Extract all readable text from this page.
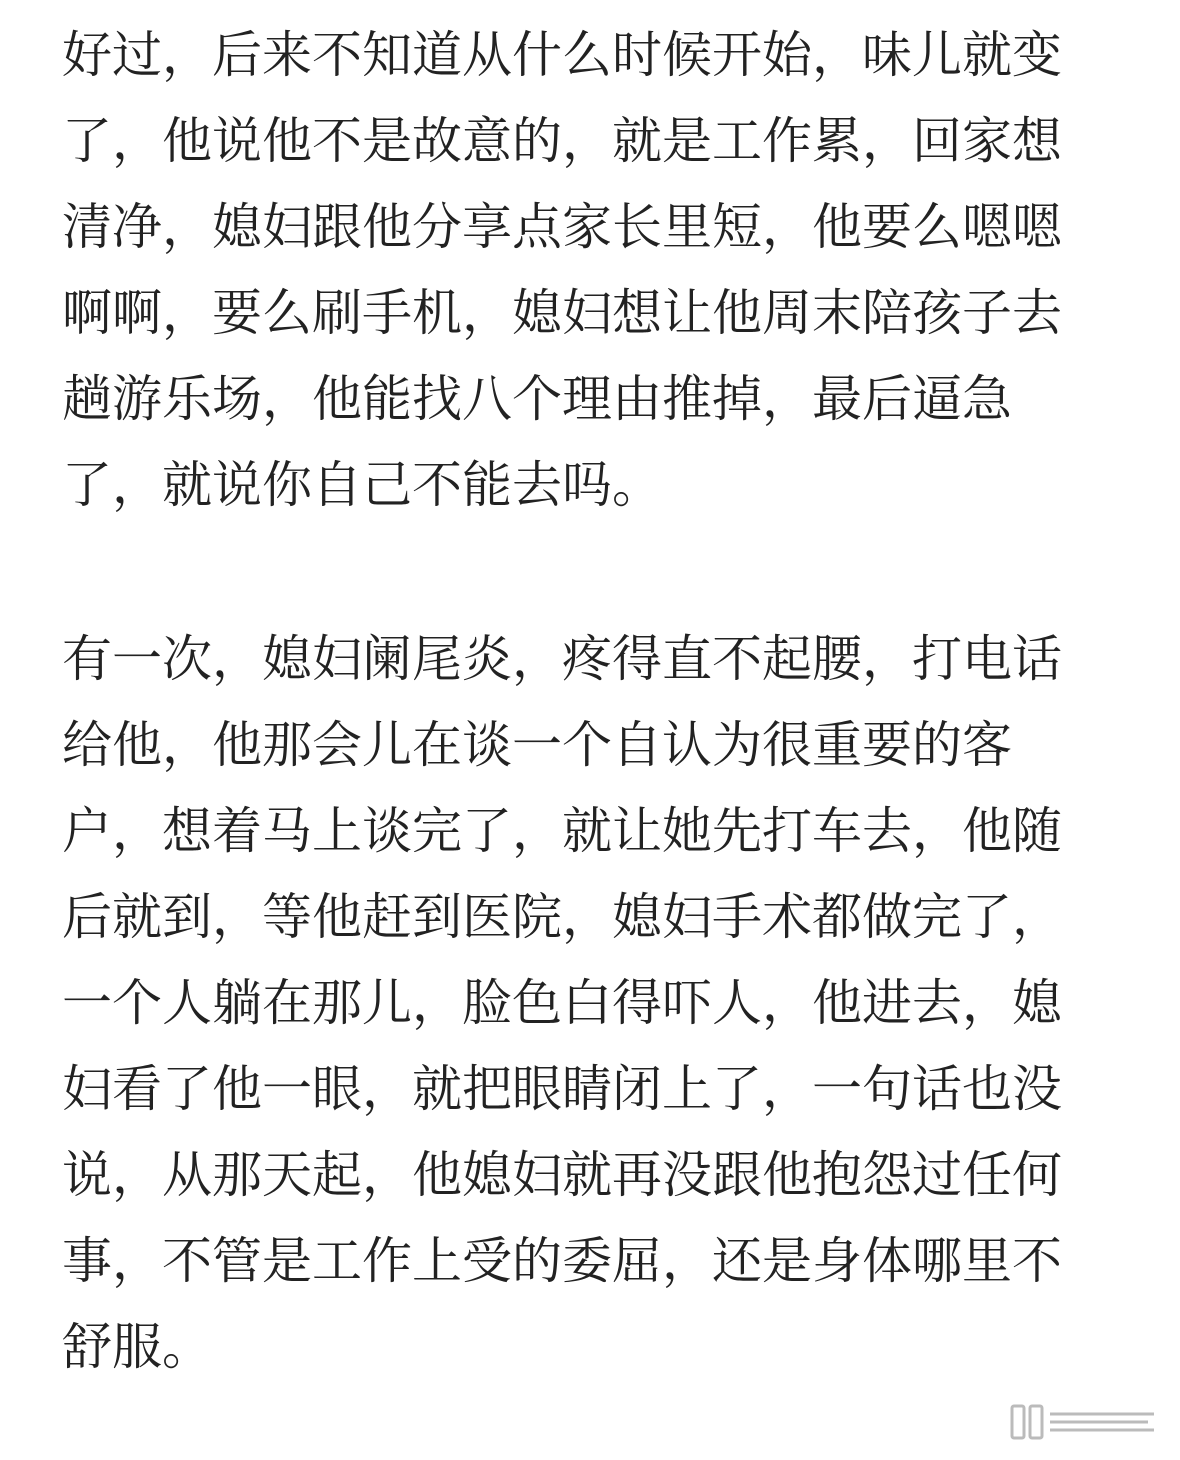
好过，后来不知道从什么时候开始，味儿就变
了，他说他不是故意的，就是工作累，回家想
清净，媳妇跟他分享点家长里短，他要么嗯嗯
啊啊，要么刷手机，媳妇想让他周末陪孩子去
趟游乐场，他能找八个理由推掉，最后逼急
了，就说你自己不能去吗。
有一次，媳妇阑尾炎，疼得直不起腰，打电话
给他，他那会儿在谈一个自认为很重要的客
户，想着马上谈完了，就让她先打车去，他随
后就到，等他赶到医院，媳妇手术都做完了，
一个人躺在那儿，脸色白得吓人，他进去，媳
妇看了他一眼，就把眼睛闭上了，一句话也没
说，从那天起，他媳妇就再没跟他抱怨过任何
事，不管是工作上受的委屈，还是身体哪里不
舒服。
